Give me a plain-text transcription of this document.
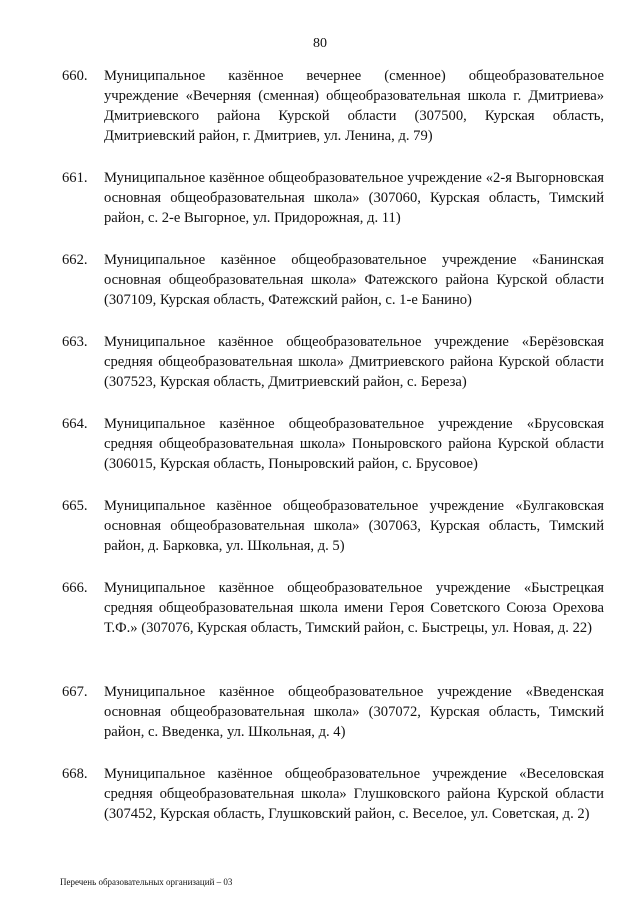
80
660. Муниципальное казённое вечернее (сменное) общеобразовательное учреждение «Вечерняя (сменная) общеобразовательная школа г. Дмитриева» Дмитриевского района Курской области (307500, Курская область, Дмитриевский район, г. Дмитриев, ул. Ленина, д. 79)
661. Муниципальное казённое общеобразовательное учреждение «2-я Выгорновская основная общеобразовательная школа» (307060, Курская область, Тимский район, с. 2-е Выгорное, ул. Придорожная, д. 11)
662. Муниципальное казённое общеобразовательное учреждение «Банинская основная общеобразовательная школа» Фатежского района Курской области (307109, Курская область, Фатежский район, с. 1-е Банино)
663. Муниципальное казённое общеобразовательное учреждение «Берёзовская средняя общеобразовательная школа» Дмитриевского района Курской области (307523, Курская область, Дмитриевский район, с. Береза)
664. Муниципальное казённое общеобразовательное учреждение «Брусовская средняя общеобразовательная школа» Поныровского района Курской области (306015, Курская область, Поныровский район, с. Брусовое)
665. Муниципальное казённое общеобразовательное учреждение «Булгаковская основная общеобразовательная школа» (307063, Курская область, Тимский район, д. Барковка, ул. Школьная, д. 5)
666. Муниципальное казённое общеобразовательное учреждение «Быстрецкая средняя общеобразовательная школа имени Героя Советского Союза Орехова Т.Ф.» (307076, Курская область, Тимский район, с. Быстрецы, ул. Новая, д. 22)
667. Муниципальное казённое общеобразовательное учреждение «Введенская основная общеобразовательная школа» (307072, Курская область, Тимский район, с. Введенка, ул. Школьная, д. 4)
668. Муниципальное казённое общеобразовательное учреждение «Веселовская средняя общеобразовательная школа» Глушковского района Курской области (307452, Курская область, Глушковский район, с. Веселое, ул. Советская, д. 2)
Перечень образовательных организаций – 03
